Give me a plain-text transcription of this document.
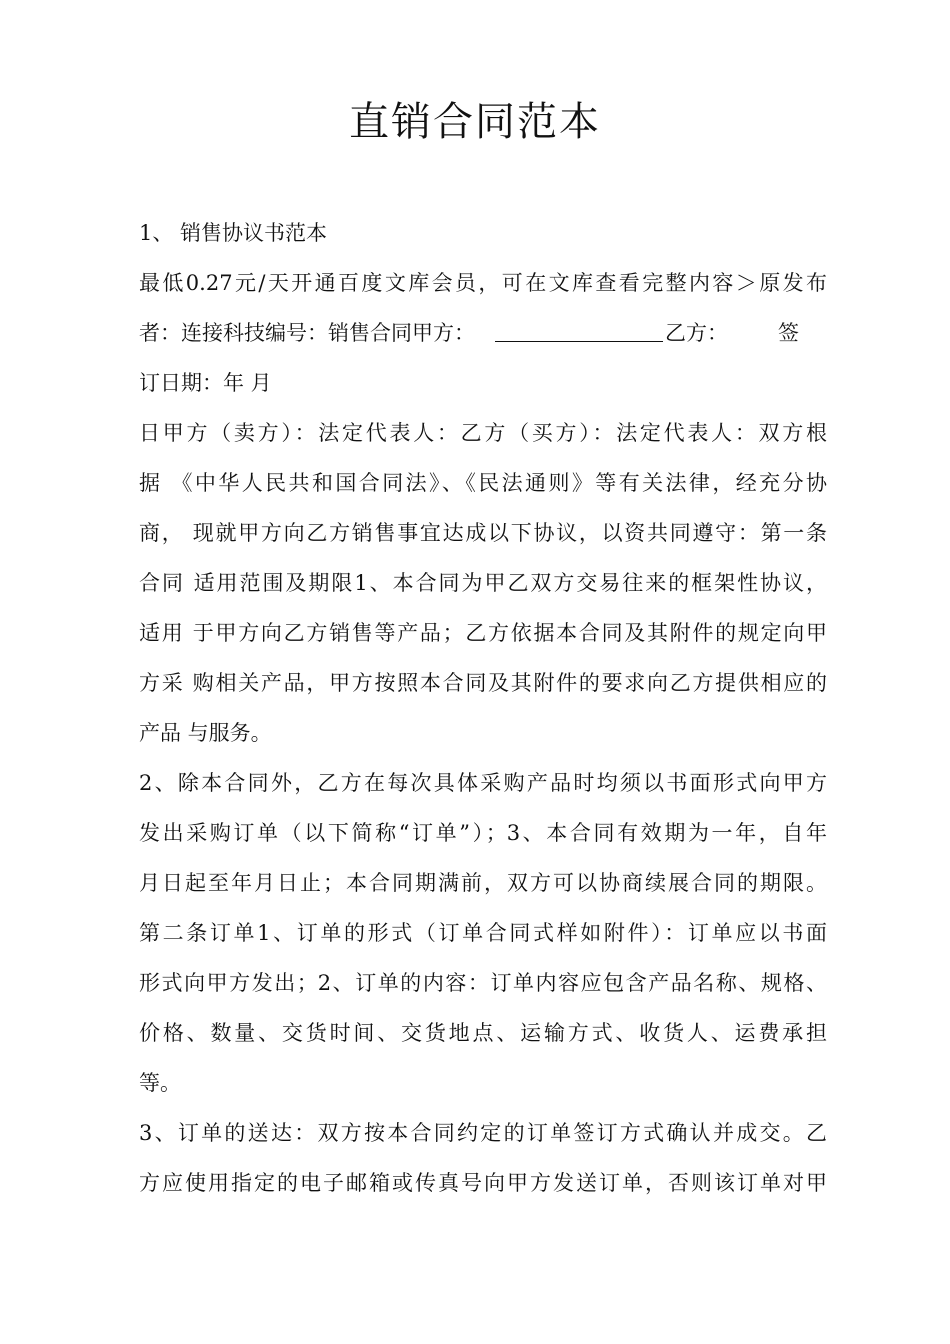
直销合同范本
1、 销售协议书范本
最低0.27元/天开通百度文库会员，可在文库查看完整内容＞原发布
者：连接科技编号：销售合同甲方：	乙方： 签
订日期：年 月
日甲方（卖方）：法定代表人：乙方（买方）：法定代表人：双方根
据 《中华人民共和国合同法》、《民法通则》等有关法律，经充分协
商， 现就甲方向乙方销售事宜达成以下协议，以资共同遵守：第一条
合同 适用范围及期限1、本合同为甲乙双方交易往来的框架性协议，
适用 于甲方向乙方销售等产品；乙方依据本合同及其附件的规定向甲
方采 购相关产品，甲方按照本合同及其附件的要求向乙方提供相应的
产品 与服务。
2、除本合同外，乙方在每次具体采购产品时均须以书面形式向甲方
发出采购订单（以下简称“订单”）；3、本合同有效期为一年，自年
月日起至年月日止；本合同期满前，双方可以协商续展合同的期限。
第二条订单1、订单的形式（订单合同式样如附件）：订单应以书面
形式向甲方发出；2、订单的内容：订单内容应包含产品名称、规格、
价格、数量、交货时间、交货地点、运输方式、收货人、运费承担
等。
3、订单的送达：双方按本合同约定的订单签订方式确认并成交。乙
方应使用指定的电子邮箱或传真号向甲方发送订单，否则该订单对甲
